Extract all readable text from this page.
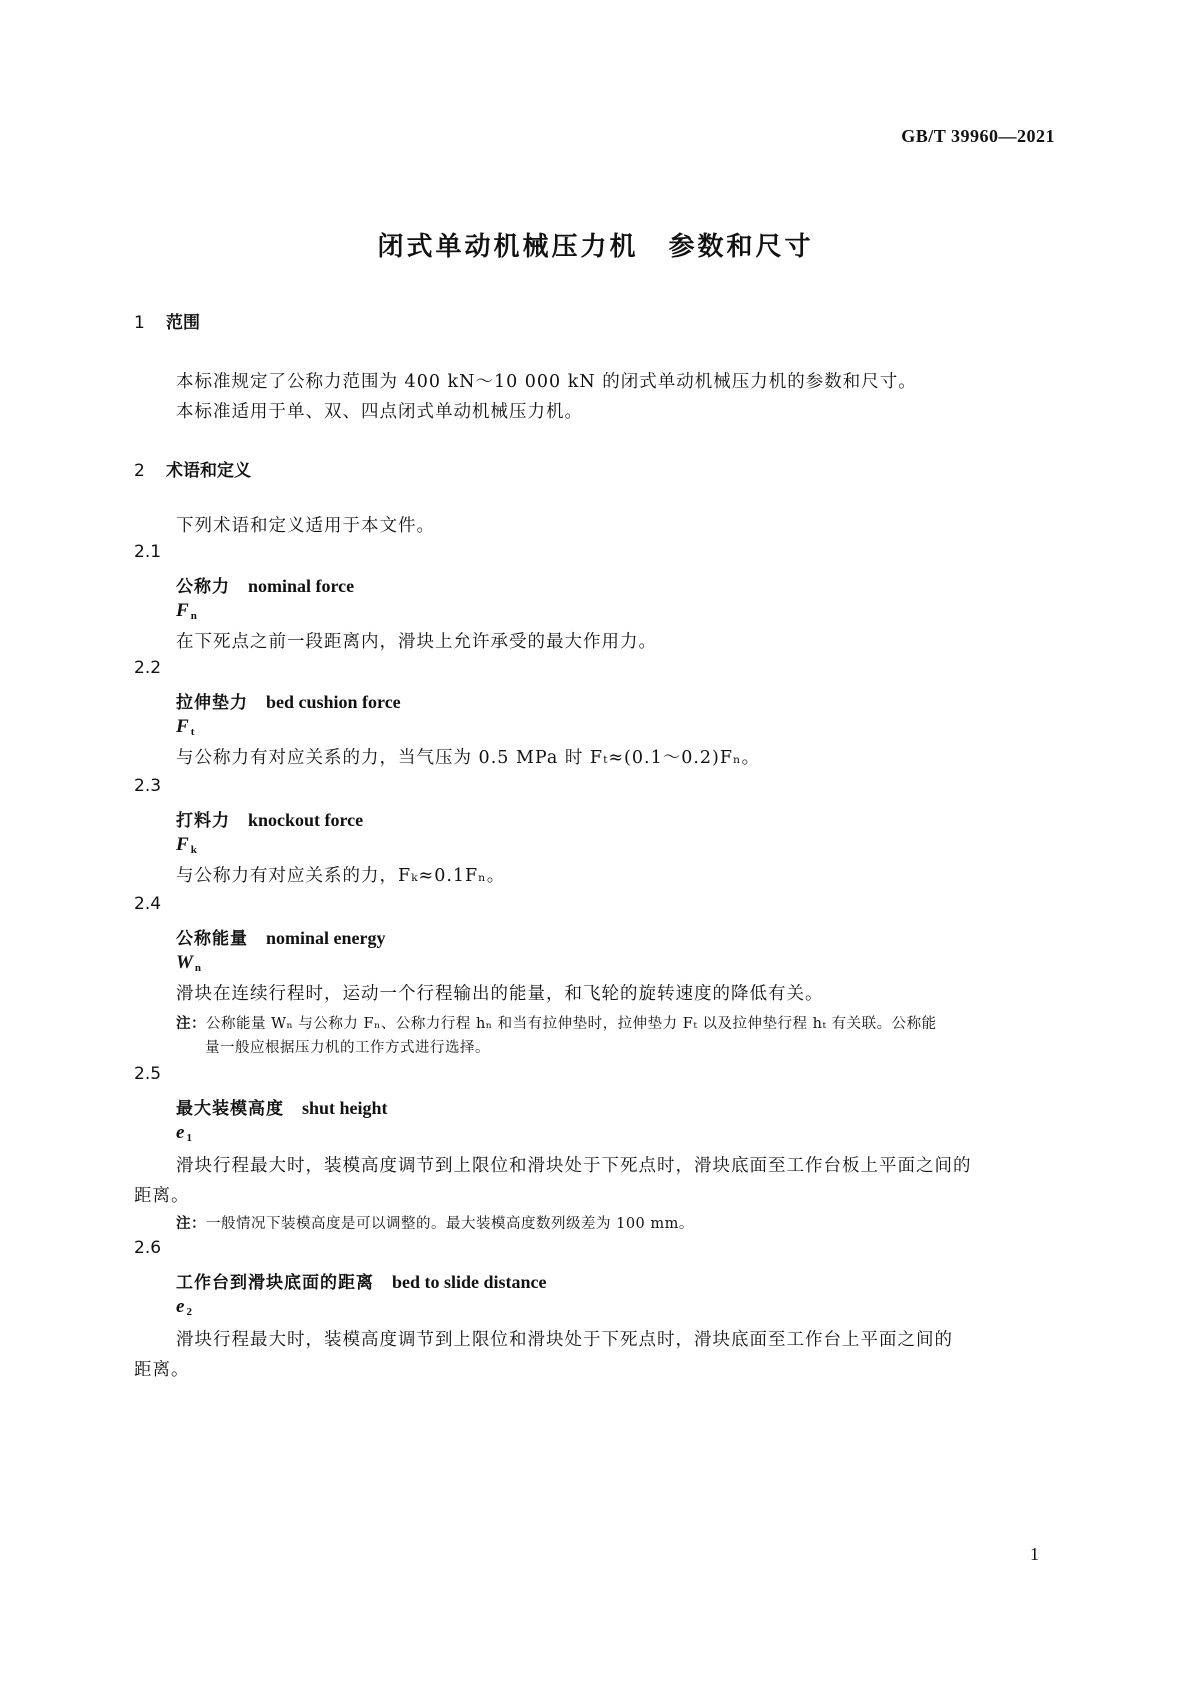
GB/T 39960—2021
闭式单动机械压力机 参数和尺寸
1 范围
本标准规定了公称力范围为 400 kN～10 000 kN 的闭式单动机械压力机的参数和尺寸。
本标准适用于单、双、四点闭式单动机械压力机。
2 术语和定义
下列术语和定义适用于本文件。
2.1
公称力 nominal force
F $_n$
在下死点之前一段距离内，滑块上允许承受的最大作用力。
2.2
拉伸垫力 bed cushion force
F $_t$
与公称力有对应关系的力，当气压为 0.5 MPa 时 Fₜ≈(0.1～0.2)Fₙ。
2.3
打料力 knockout force
F $_k$
与公称力有对应关系的力，Fₖ≈0.1Fₙ。
2.4
公称能量 nominal energy
W $_n$
滑块在连续行程时，运动一个行程输出的能量，和飞轮的旋转速度的降低有关。
注：公称能量 Wₙ 与公称力 Fₙ、公称力行程 hₙ 和当有拉伸垫时，拉伸垫力 Fₜ 以及拉伸垫行程 hₜ 有关联。公称能
量一般应根据压力机的工作方式进行选择。
2.5
最大装模高度 shut height
e $_1$
滑块行程最大时，装模高度调节到上限位和滑块处于下死点时，滑块底面至工作台板上平面之间的
距离。
注：一般情况下装模高度是可以调整的。最大装模高度数列级差为 100 mm。
2.6
工作台到滑块底面的距离 bed to slide distance
e $_2$
滑块行程最大时，装模高度调节到上限位和滑块处于下死点时，滑块底面至工作台上平面之间的
距离。
1
